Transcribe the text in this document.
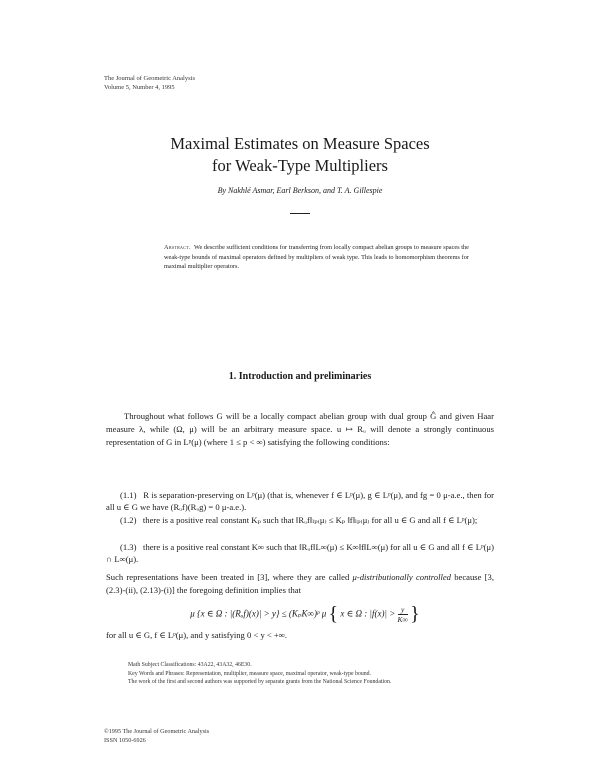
The Journal of Geometric Analysis
Volume 5, Number 4, 1995
Maximal Estimates on Measure Spaces
for Weak-Type Multipliers
By Nakhlé Asmar, Earl Berkson, and T. A. Gillespie
Abstract. We describe sufficient conditions for transferring from locally compact abelian groups to measure spaces the weak-type bounds of maximal operators defined by multipliers of weak type. This leads to homomorphism theorems for maximal multiplier operators.
1. Introduction and preliminaries
Throughout what follows G will be a locally compact abelian group with dual group Ĝ and given Haar measure λ, while (Ω, μ) will be an arbitrary measure space. u ↦ Rᵤ will denote a strongly continuous representation of G in Lᵖ(μ) (where 1 ≤ p < ∞) satisfying the following conditions:
(1.1)   R is separation-preserving on Lᵖ(μ) (that is, whenever f ∈ Lᵖ(μ), g ∈ Lᵖ(μ), and fg = 0 μ-a.e., then for all u ∈ G we have (Rᵤf)(Rᵤg) = 0 μ-a.e.).
(1.2)   there is a positive real constant Kₚ such that ‖Rᵤf‖ₗₚ₍μ₎ ≤ Kₚ ‖f‖ₗₚ₍μ₎ for all u ∈ G and all f ∈ Lᵖ(μ);
(1.3)   there is a positive real constant K∞ such that ‖Rᵤf‖L∞(μ) ≤ K∞‖f‖L∞(μ) for all u ∈ G and all f ∈ Lᵖ(μ) ∩ L∞(μ).
Such representations have been treated in [3], where they are called μ-distributionally controlled because [3, (2.3)-(ii), (2.13)-(i)] the foregoing definition implies that
μ {x ∈ Ω : |(Rᵤf)(x)| > y} ≤ (KₚK∞)ᵖ μ { x ∈ Ω : $|f(x)| > \frac{y}{K\infty}$ }
for all u ∈ G, f ∈ Lᵖ(μ), and y satisfying 0 < y < +∞.
Math Subject Classifications: 43A22, 43A32, 46E30.
Key Words and Phrases: Representation, multiplier, measure space, maximal operator, weak-type bound.
The work of the first and second authors was supported by separate grants from the National Science Foundation.
©1995 The Journal of Geometric Analysis
ISSN 1050-6926
